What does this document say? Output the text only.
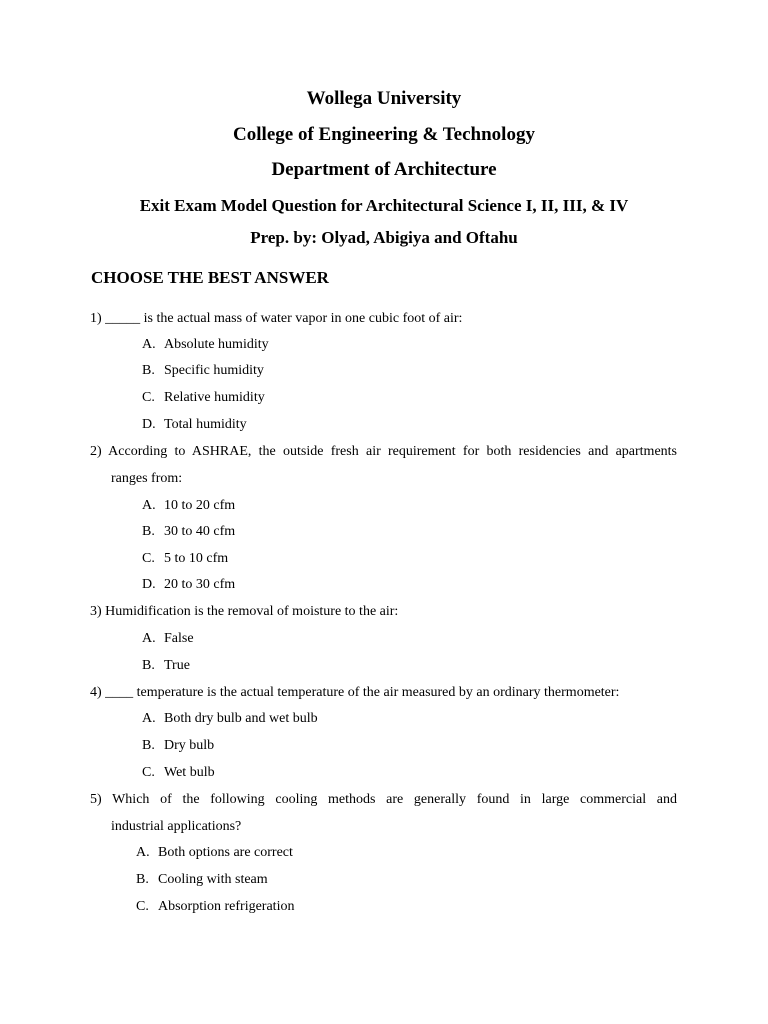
Wollega University
College of Engineering & Technology
Department of Architecture
Exit Exam Model Question for Architectural Science I, II, III, & IV
Prep. by: Olyad, Abigiya and Oftahu
CHOOSE THE BEST ANSWER
1) _____ is the actual mass of water vapor in one cubic foot of air:
A. Absolute humidity
B. Specific humidity
C. Relative humidity
D. Total humidity
2) According to ASHRAE, the outside fresh air requirement for both residencies and apartments
ranges from:
A. 10 to 20 cfm
B. 30 to 40 cfm
C. 5 to 10 cfm
D. 20 to 30 cfm
3) Humidification is the removal of moisture to the air:
A. False
B. True
4) ____ temperature is the actual temperature of the air measured by an ordinary thermometer:
A. Both dry bulb and wet bulb
B. Dry bulb
C. Wet bulb
5) Which of the following cooling methods are generally found in large commercial and
industrial applications?
A. Both options are correct
B. Cooling with steam
C. Absorption refrigeration
